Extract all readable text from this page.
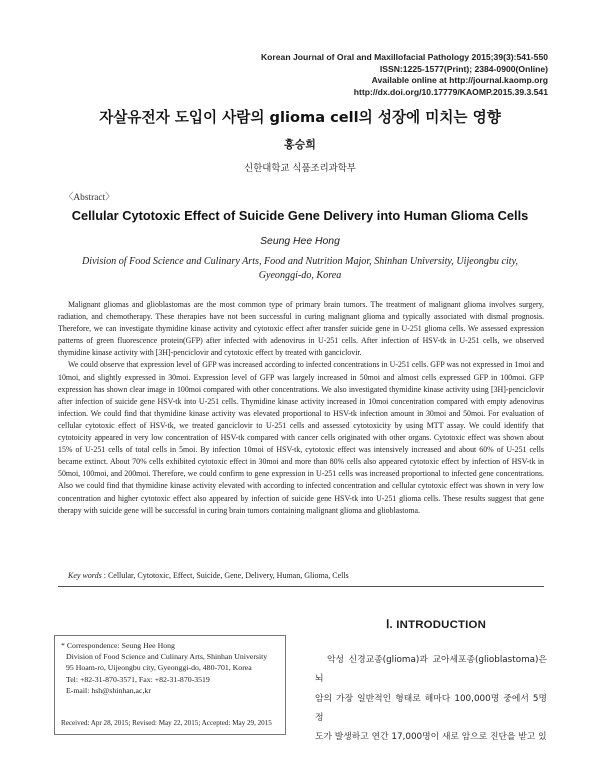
Korean Journal of Oral and Maxillofacial Pathology 2015;39(3):541-550
ISSN:1225-1577(Print); 2384-0900(Online)
Available online at http://journal.kaomp.org
http://dx.doi.org/10.17779/KAOMP.2015.39.3.541
자살유전자 도입이 사람의 glioma cell의 성장에 미치는 영향
홍승희
신한대학교 식품조리과학부
〈Abstract〉
Cellular Cytotoxic Effect of Suicide Gene Delivery into Human Glioma Cells
Seung Hee Hong
Division of Food Science and Culinary Arts, Food and Nutrition Major, Shinhan University, Uijeongbu city, Gyeonggi-do, Korea

Malignant gliomas and glioblastomas are the most common type of primary brain tumors. The treatment of malignant glioma involves surgery, radiation, and chemotherapy. These therapies have not been successful in curing malignant glioma and typically associated with dismal prognosis. Therefore, we can investigate thymidine kinase activity and cytotoxic effect after transfer suicide gene in U-251 glioma cells. We assessed expression patterns of green fluorescence protein(GFP) after infected with adenovirus in U-251 cells. After infection of HSV-tk in U-251 cells, we observed thymidine kinase activity with [3H]-penciclovir and cytotoxic effect by treated with ganciclovir.

We could observe that expression level of GFP was increased according to infected concentrations in U-251 cells. GFP was not expressed in 1moi and 10moi, and slightly expressed in 30moi. Expression level of GFP was largely increased in 50moi and almost cells expressed GFP in 100moi. GFP expression has shown clear image in 100moi compared with other concentrations. We also investigated thymidine kinase activity using [3H]-penciclovir after infection of suicide gene HSV-tk into U-251 cells. Thymidine kinase activity increased in 10moi concentration compared with empty adenovirus infection. We could find that thymidine kinase activity was elevated proportional to HSV-tk infection amount in 30moi and 50moi. For evaluation of cellular cytotoxic effect of HSV-tk, we treated ganciclovir to U-251 cells and assessed cytotoxicity by using MTT assay. We could identify that cytotoicity appeared in very low concentration of HSV-tk compared with cancer cells originated with other organs. Cytotoxic effect was shown about 15% of U-251 cells of total cells in 5moi. By infection 10moi of HSV-tk, cytotoxic effect was intensively increased and about 60% of U-251 cells became extinct. About 70% cells exhibited cytotoxic effect in 30moi and more than 80% cells also appeared cytotoxic effect by infection of HSV-tk in 50moi, 100moi, and 200moi. Therefore, we could confirm to gene expression in U-251 cells was increased proportional to infected gene concentrations. Also we could find that thymidine kinase activity elevated with according to infected concentration and cellular cytotoxic effect was shown in very low concentration and higher cytotoxic effect also appeared by infection of suicide gene HSV-tk into U-251 glioma cells. These results suggest that gene therapy with suicide gene will be successful in curing brain tumors containing malignant glioma and glioblastoma.

Key words : Cellular, Cytotoxic, Effect, Suicide, Gene, Delivery, Human, Glioma, Cells
* Correspondence: Seung Hee Hong
Division of Food Science and Culinary Arts, Shinhan University
95 Hoam-ro, Uijeongbu city, Gyeonggi-do, 480-701, Korea
Tel: +82-31-870-3571, Fax: +82-31-870-3519
E-mail: hsh@shinhan,ac,kr
Received: Apr 28, 2015; Revised: May 22, 2015; Accepted: May 29, 2015
Ⅰ. INTRODUCTION
악성 신경교종(glioma)과 교아세포종(glioblastoma)은 뇌
암의 가장 일반적인 형태로 해마다 100,000명 중에서 5명 정
도가 발생하고 연간 17,000명이 새로 암으로 진단을 받고 있
